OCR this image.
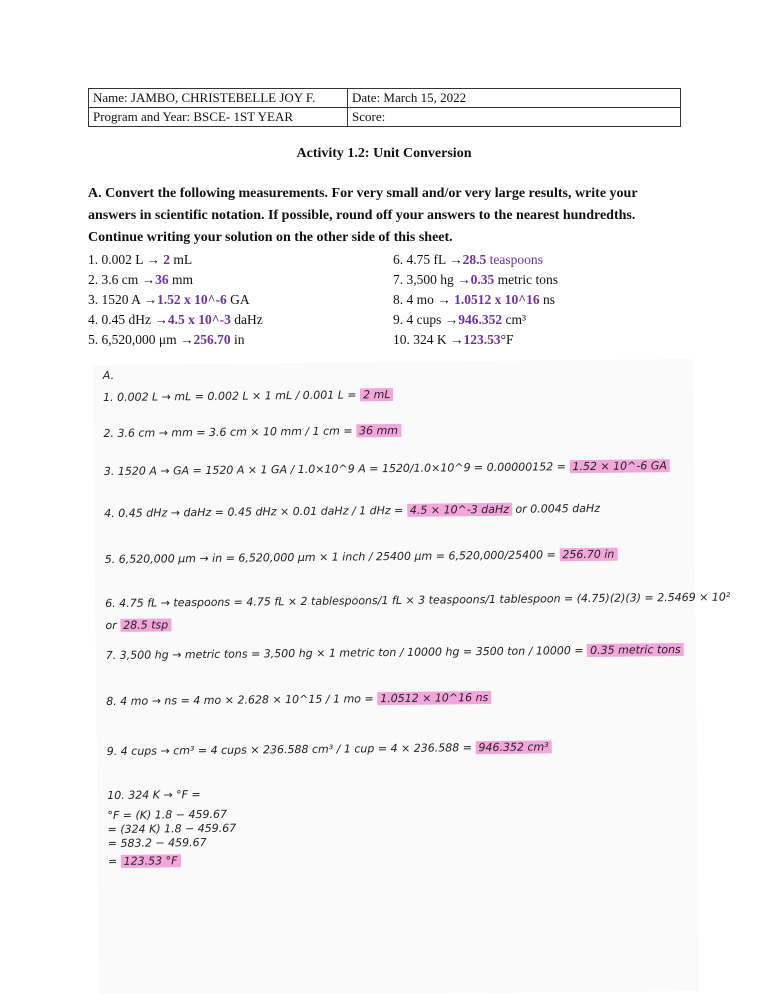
Name: JAMBO, CHRISTEBELLE JOY F.	Date: March 15, 2022
Program and Year: BSCE- 1ST YEAR	Score:
Activity 1.2: Unit Conversion
A. Convert the following measurements. For very small and/or very large results, write your answers in scientific notation. If possible, round off your answers to the nearest hundredths. Continue writing your solution on the other side of this sheet.
1. 0.002 L → 2 mL
2. 3.6 cm →36 mm
3. 1520 A →1.52 x 10^-6 GA
4. 0.45 dHz →4.5 x 10^-3 daHz
5. 6,520,000 μm →256.70 in
6. 4.75 fL →28.5 teaspoons
7. 3,500 hg →0.35 metric tons
8. 4 mo → 1.0512 x 10^16 ns
9. 4 cups →946.352 cm³
10. 324 K →123.53°F
A.
1. 0.002 L → mL = 0.002 L × 1 mL / 0.001 L = 2 mL
2. 3.6 cm → mm = 3.6 cm × 10 mm / 1 cm = 36 mm
3. 1520 A → GA = 1520 A × 1 GA / 1.0×10^9 A = 1520/1.0×10^9 = 0.00000152 = 1.52 × 10^-6 GA
4. 0.45 dHz → daHz = 0.45 dHz × 0.01 daHz / 1 dHz = 4.5 × 10^-3 daHz or 0.0045 daHz
5. 6,520,000 μm → in = 6,520,000 μm × 1 inch / 25400 μm = 6,520,000/25400 = 256.70 in
6. 4.75 fL → teaspoons = 4.75 fL × 2 tablespoons/1 fL × 3 teaspoons/1 tablespoon = (4.75)(2)(3) = 2.5469 × 10²
or 28.5 tsp
7. 3,500 hg → metric tons = 3,500 hg × 1 metric ton / 10000 hg = 3500 ton / 10000 = 0.35 metric tons
8. 4 mo → ns = 4 mo × 2.628 × 10^15 / 1 mo = 1.0512 × 10^16 ns
9. 4 cups → cm³ = 4 cups × 236.588 cm³ / 1 cup = 4 × 236.588 = 946.352 cm³
10. 324 K → °F =
°F = (K) 1.8 − 459.67
= (324 K) 1.8 − 459.67
= 583.2 − 459.67
= 123.53 °F
